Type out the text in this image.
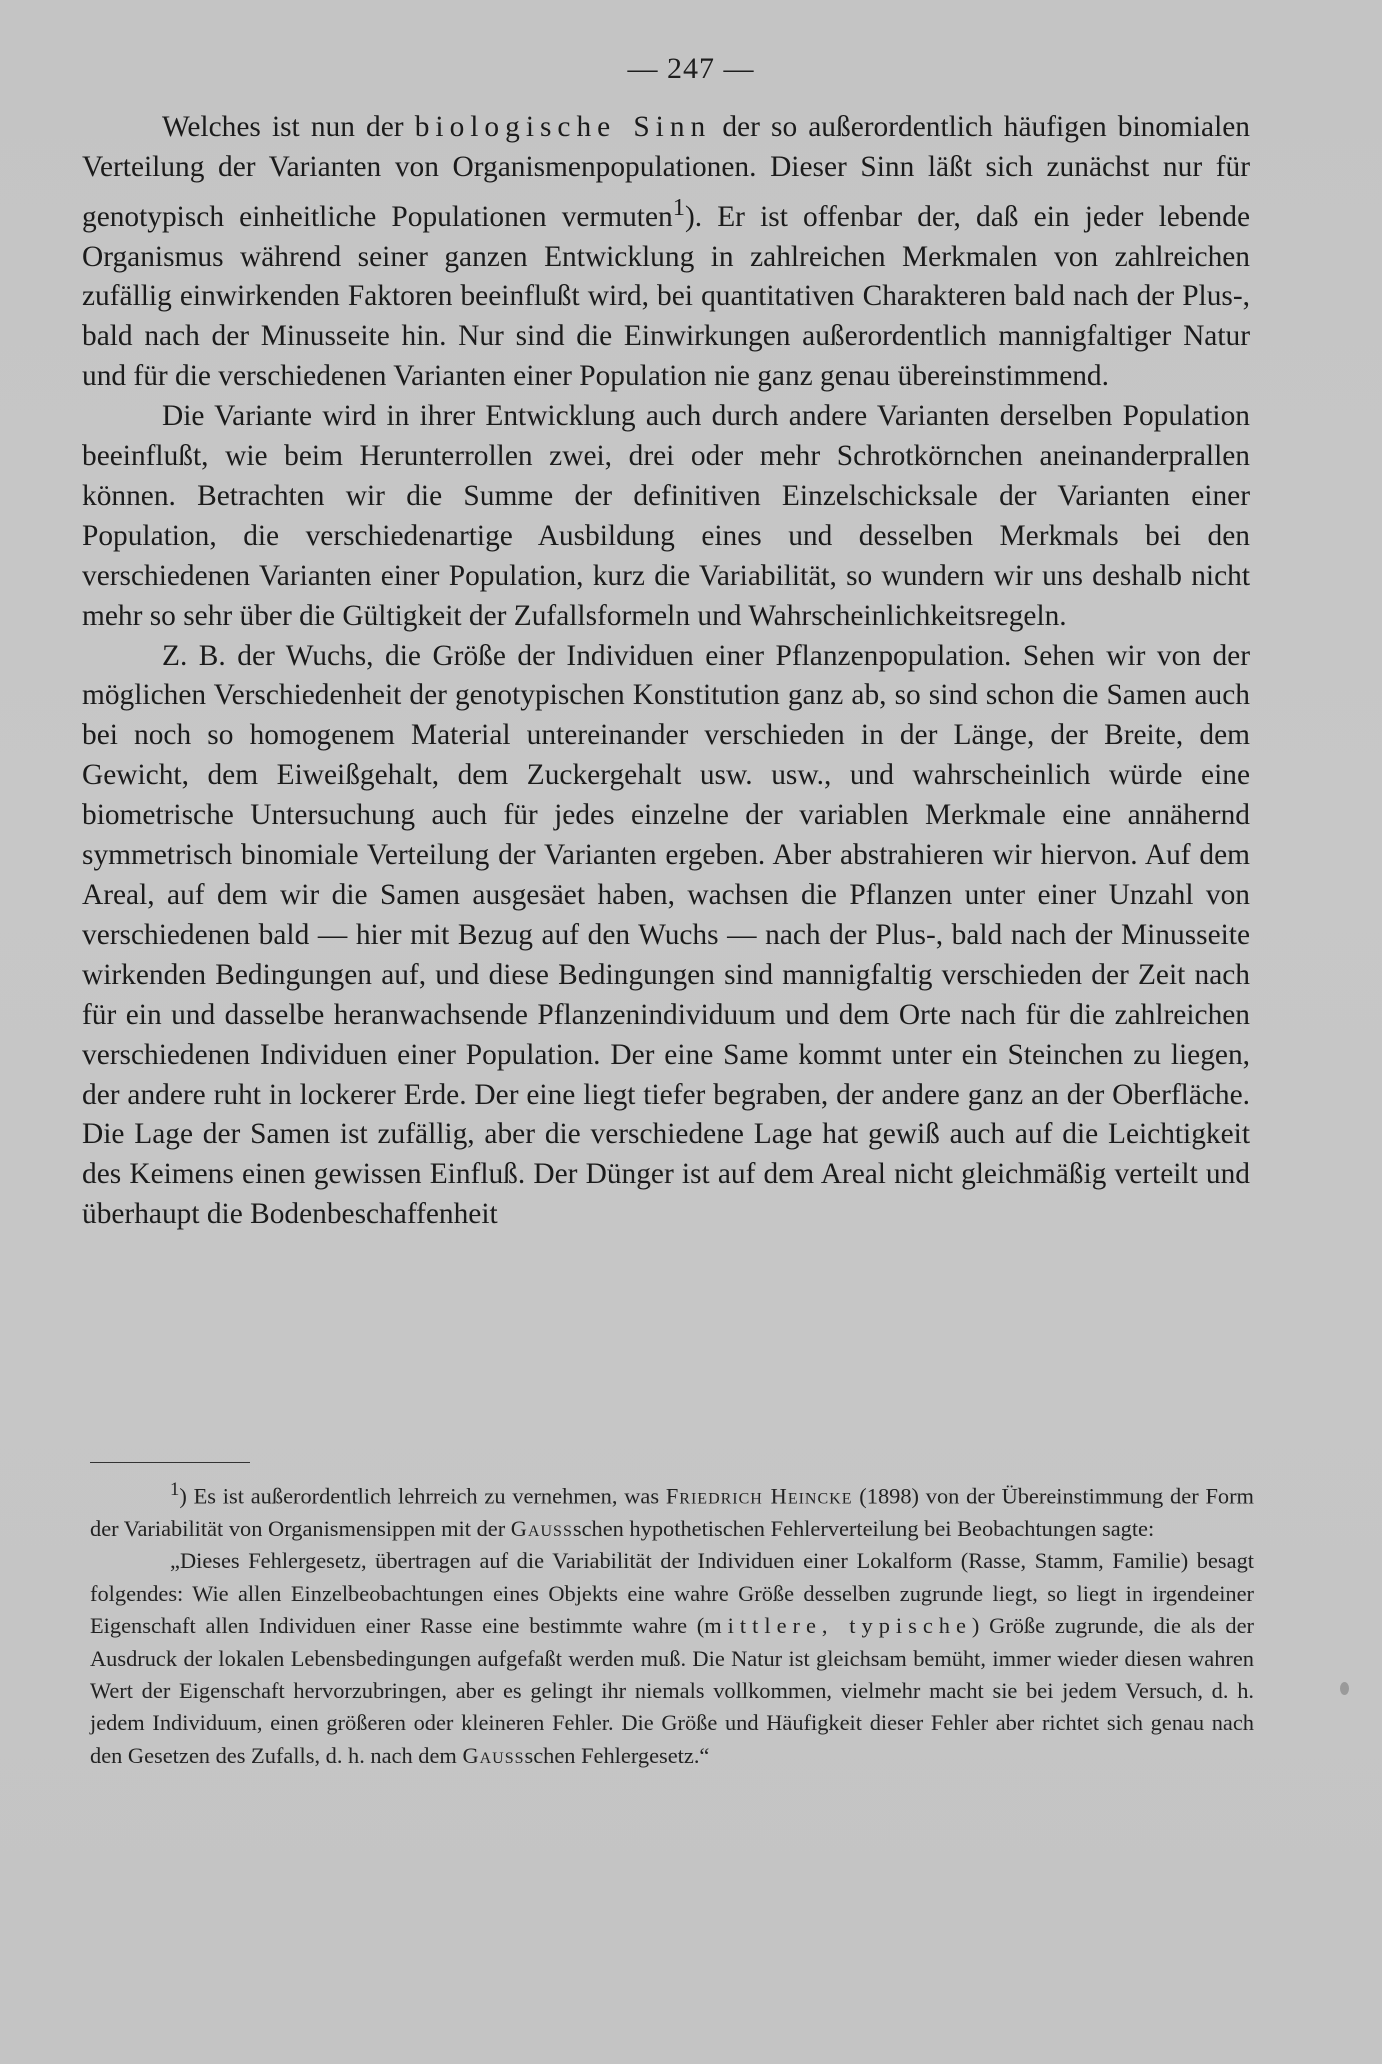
— 247 —

Welches ist nun der biologische Sinn der so außerordentlich häufigen binomialen Verteilung der Varianten von Organismenpopulationen. Dieser Sinn läßt sich zunächst nur für genotypisch einheitliche Populationen vermuten$^1$). Er ist offenbar der, daß ein jeder lebende Organismus während seiner ganzen Entwicklung in zahlreichen Merkmalen von zahlreichen zufällig einwirkenden Faktoren beeinflußt wird, bei quantitativen Charakteren bald nach der Plus-, bald nach der Minusseite hin. Nur sind die Einwirkungen außerordentlich mannigfaltiger Natur und für die verschiedenen Varianten einer Population nie ganz genau übereinstimmend.

Die Variante wird in ihrer Entwicklung auch durch andere Varianten derselben Population beeinflußt, wie beim Herunterrollen zwei, drei oder mehr Schrotkörnchen aneinanderprallen können. Betrachten wir die Summe der definitiven Einzelschicksale der Varianten einer Population, die verschiedenartige Ausbildung eines und desselben Merkmals bei den verschiedenen Varianten einer Population, kurz die Variabilität, so wundern wir uns deshalb nicht mehr so sehr über die Gültigkeit der Zufallsformeln und Wahrscheinlichkeitsregeln.

Z. B. der Wuchs, die Größe der Individuen einer Pflanzenpopulation. Sehen wir von der möglichen Verschiedenheit der genotypischen Konstitution ganz ab, so sind schon die Samen auch bei noch so homogenem Material untereinander verschieden in der Länge, der Breite, dem Gewicht, dem Eiweißgehalt, dem Zuckergehalt usw. usw., und wahrscheinlich würde eine biometrische Untersuchung auch für jedes einzelne der variablen Merkmale eine annähernd symmetrisch binomiale Verteilung der Varianten ergeben. Aber abstrahieren wir hiervon. Auf dem Areal, auf dem wir die Samen ausgesäet haben, wachsen die Pflanzen unter einer Unzahl von verschiedenen bald — hier mit Bezug auf den Wuchs — nach der Plus-, bald nach der Minusseite wirkenden Bedingungen auf, und diese Bedingungen sind mannigfaltig verschieden der Zeit nach für ein und dasselbe heranwachsende Pflanzenindividuum und dem Orte nach für die zahlreichen verschiedenen Individuen einer Population. Der eine Same kommt unter ein Steinchen zu liegen, der andere ruht in lockerer Erde. Der eine liegt tiefer begraben, der andere ganz an der Oberfläche. Die Lage der Samen ist zufällig, aber die verschiedene Lage hat gewiß auch auf die Leichtigkeit des Keimens einen gewissen Einfluß. Der Dünger ist auf dem Areal nicht gleichmäßig verteilt und überhaupt die Bodenbeschaffenheit

$^1$) Es ist außerordentlich lehrreich zu vernehmen, was Friedrich Heincke (1898) von der Übereinstimmung der Form der Variabilität von Organismensippen mit der Gaussschen hypothetischen Fehlerverteilung bei Beobachtungen sagte:

„Dieses Fehlergesetz, übertragen auf die Variabilität der Individuen einer Lokalform (Rasse, Stamm, Familie) besagt folgendes: Wie allen Einzelbeobachtungen eines Objekts eine wahre Größe desselben zugrunde liegt, so liegt in irgendeiner Eigenschaft allen Individuen einer Rasse eine bestimmte wahre (mittlere, typische) Größe zugrunde, die als der Ausdruck der lokalen Lebensbedingungen aufgefaßt werden muß. Die Natur ist gleichsam bemüht, immer wieder diesen wahren Wert der Eigenschaft hervorzubringen, aber es gelingt ihr niemals vollkommen, vielmehr macht sie bei jedem Versuch, d. h. jedem Individuum, einen größeren oder kleineren Fehler. Die Größe und Häufigkeit dieser Fehler aber richtet sich genau nach den Gesetzen des Zufalls, d. h. nach dem Gaussschen Fehlergesetz.“
